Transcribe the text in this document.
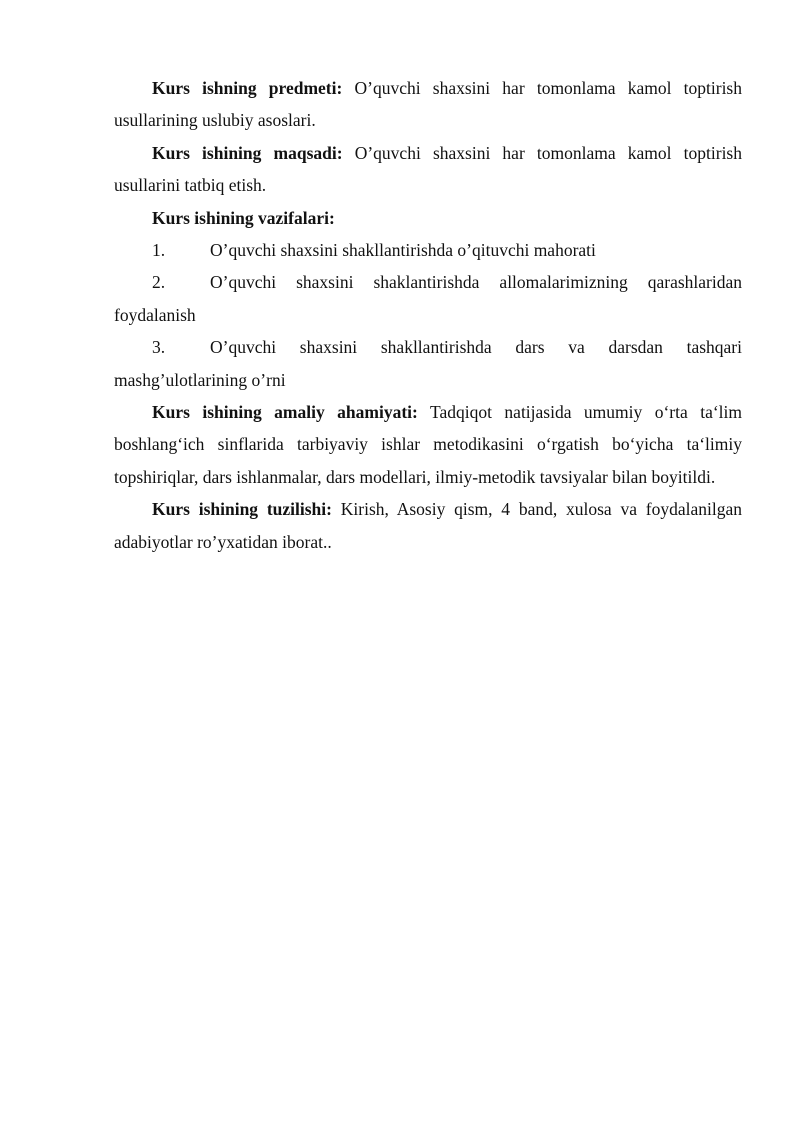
Kurs ishning predmeti: O’quvchi shaxsini har tomonlama kamol toptirish usullarining uslubiy asoslari.

Kurs ishining maqsadi: O’quvchi shaxsini har tomonlama kamol toptirish usullarini tatbiq etish.

Kurs ishining vazifalari:

1.	O’quvchi shaxsini shakllantirishda o’qituvchi mahorati

2.	O’quvchi shaxsini shaklantirishda allomalarimizning qarashlaridan foydalanish

3.	O’quvchi shaxsini shakllantirishda dars va darsdan tashqari mashg’ulotlarining o’rni

Kurs ishining amaliy ahamiyati: Tadqiqot natijasida umumiy oʻrta taʻlim boshlangʻich sinflarida tarbiyaviy ishlar metodikasini oʻrgatish boʻyicha taʻlimiy topshiriqlar, dars ishlanmalar, dars modellari, ilmiy-metodik tavsiyalar bilan boyitildi.

Kurs ishining tuzilishi: Kirish, Asosiy qism, 4 band, xulosa va foydalanilgan adabiyotlar ro’yxatidan iborat..
